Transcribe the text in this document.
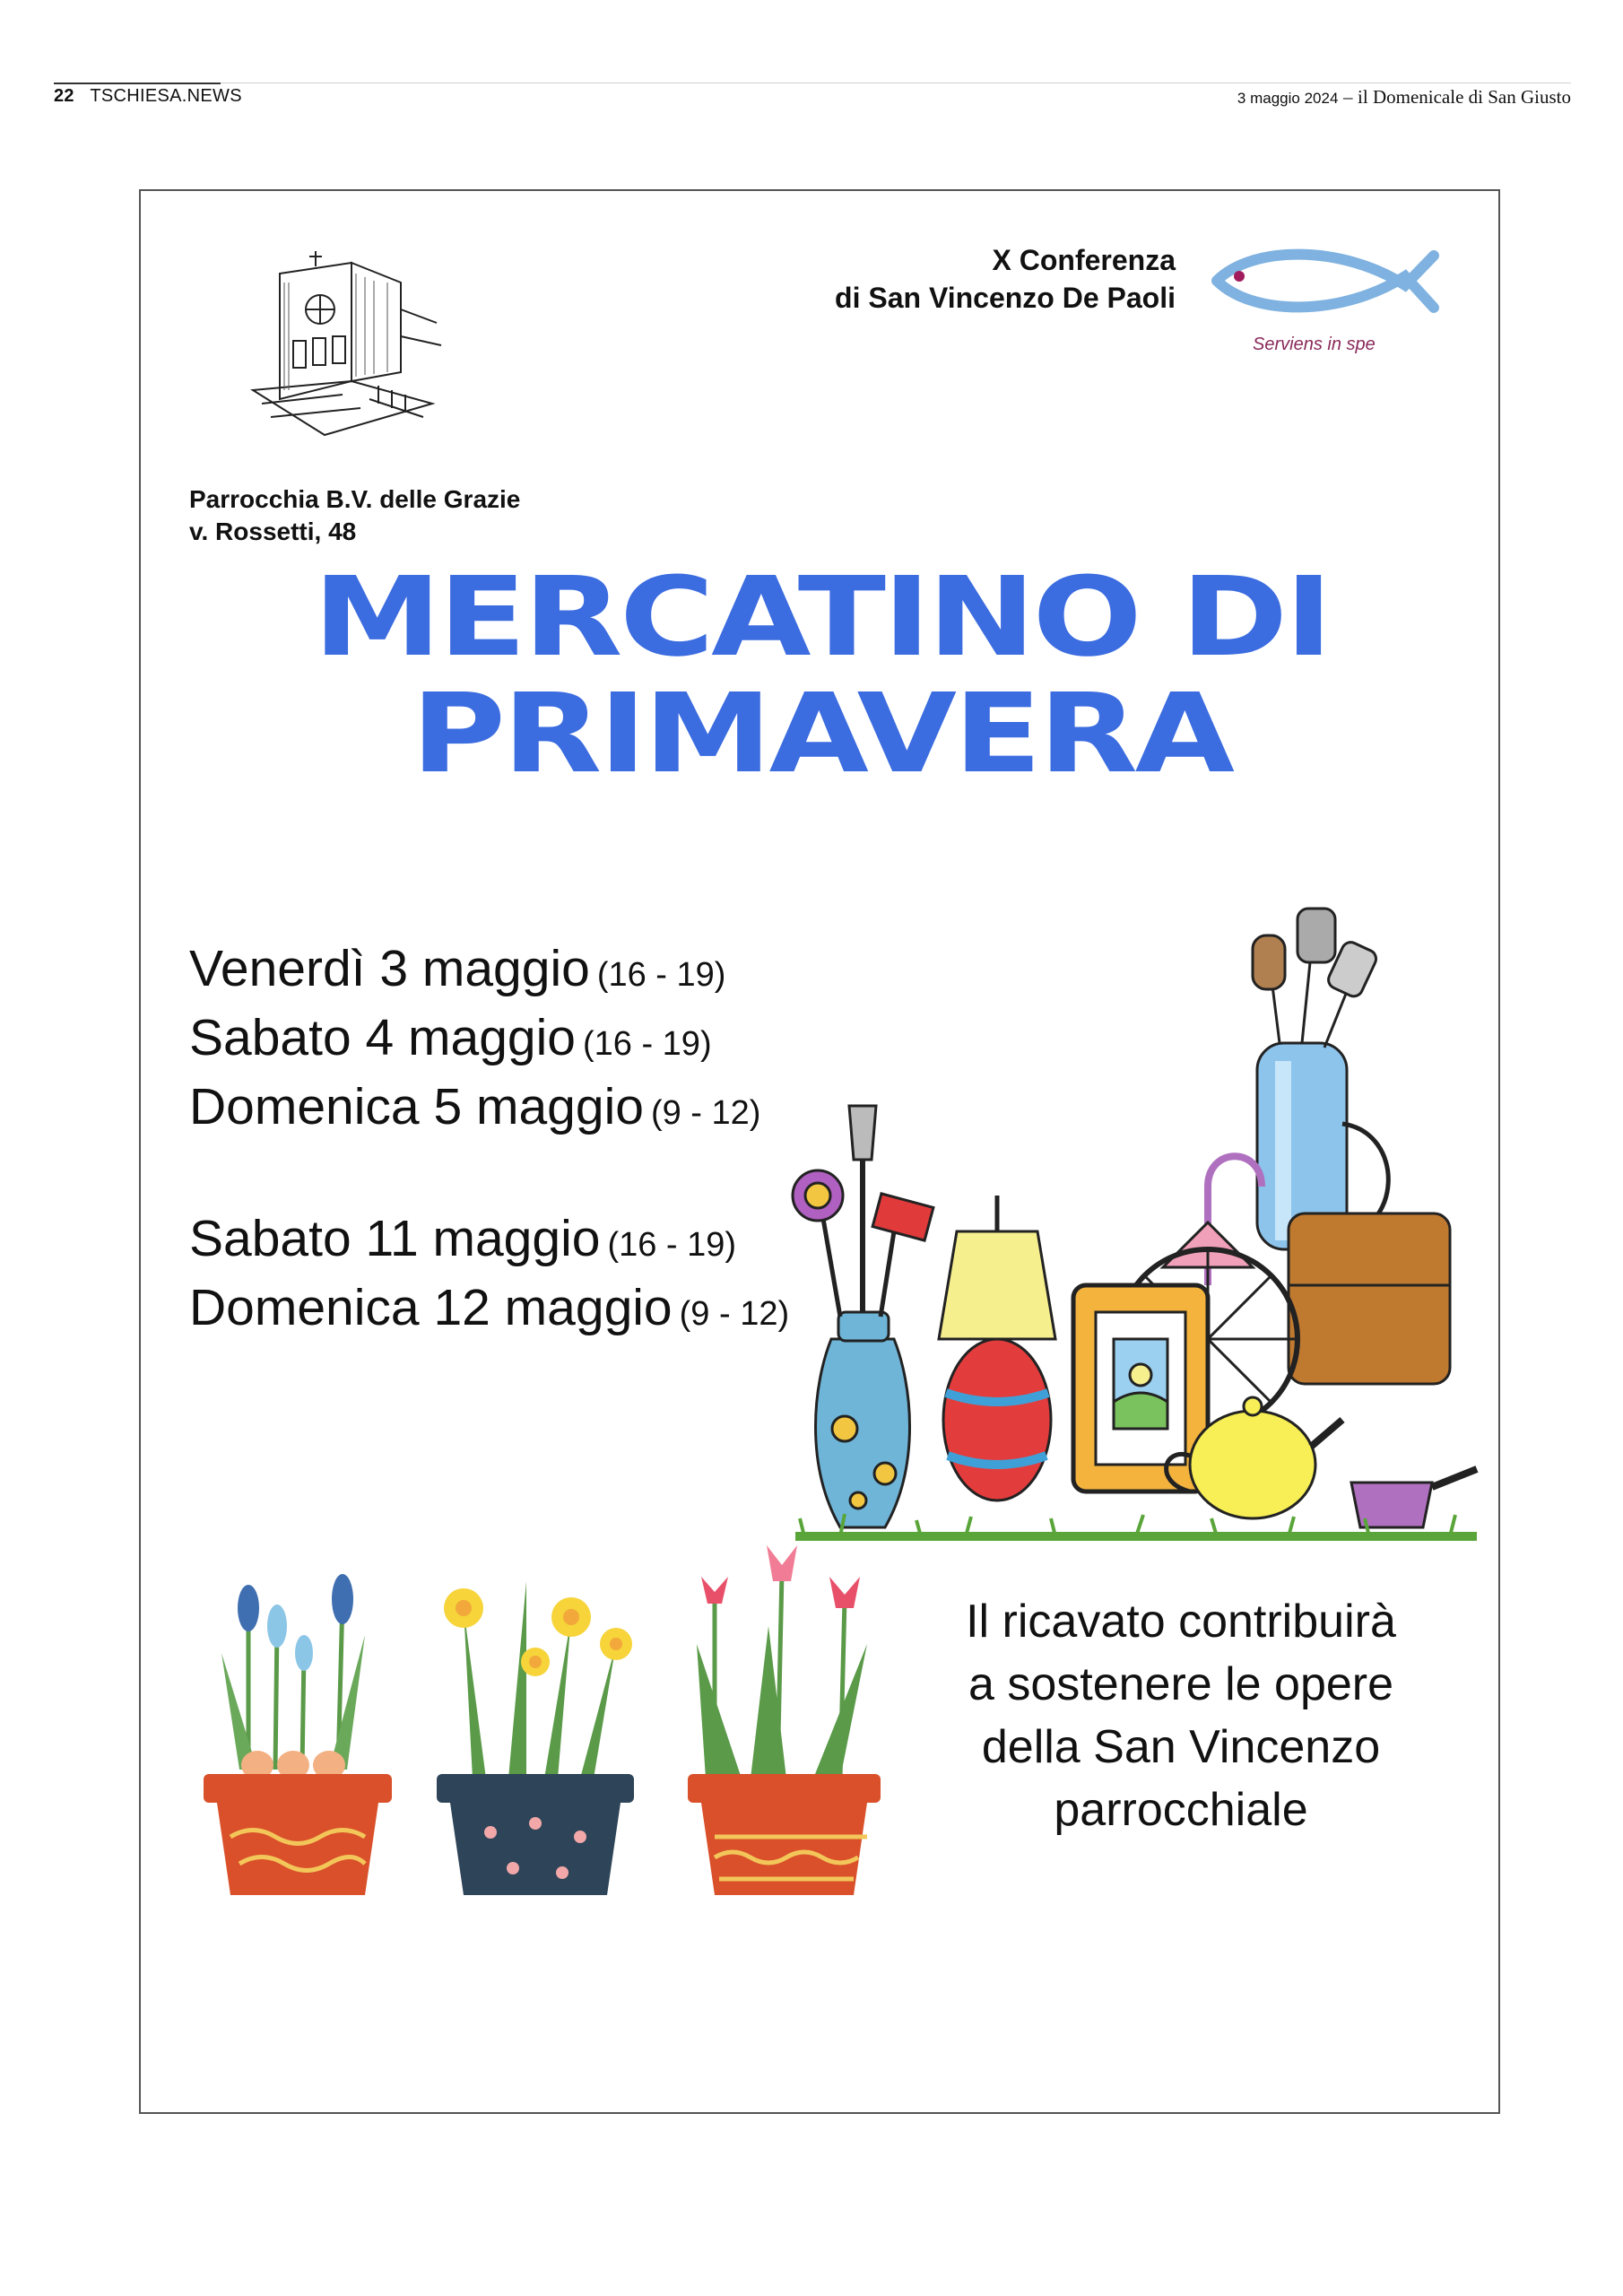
22 TSCHIESA.NEWS	3 maggio 2024 – il Domenicale di San Giusto
Parrocchia B.V. delle Grazie
v. Rossetti, 48
X Conferenza
di San Vincenzo De Paoli
Serviens in spe
MERCATINO DI
PRIMAVERA
Venerdì 3 maggio (16 - 19)
Sabato 4 maggio (16 - 19)
Domenica 5 maggio (9 - 12)
Sabato 11 maggio (16 - 19)
Domenica 12 maggio (9 - 12)
Il ricavato contribuirà
a sostenere le opere
della San Vincenzo
parrocchiale
